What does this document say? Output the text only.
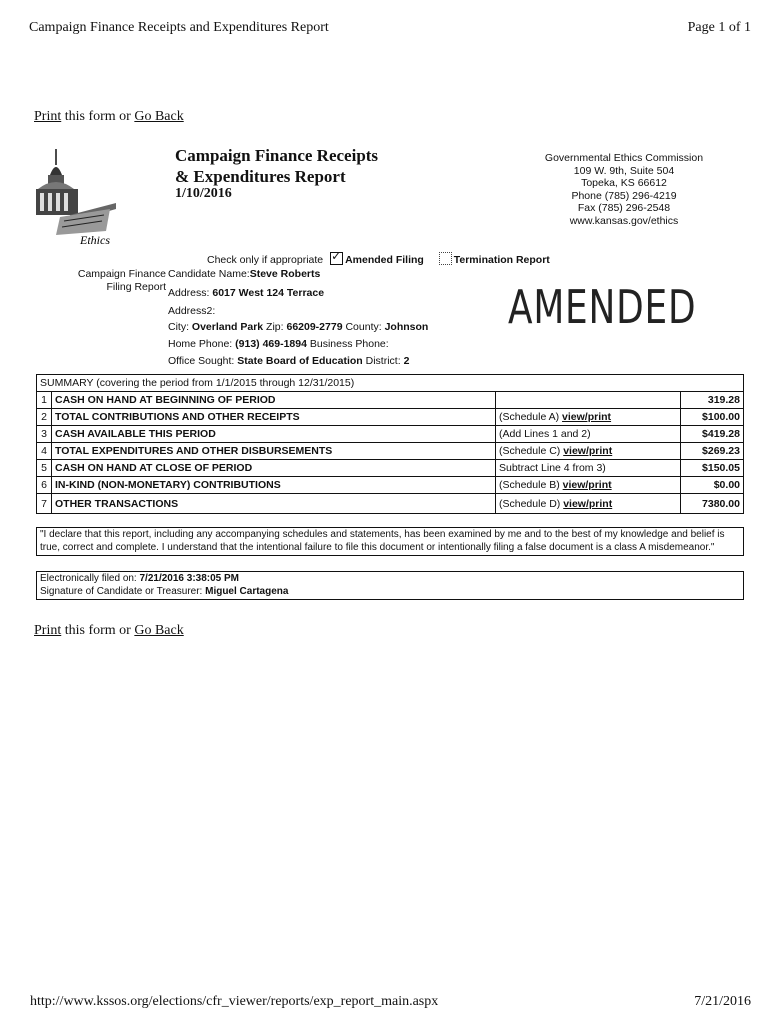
Campaign Finance Receipts and Expenditures Report	Page 1 of 1
Print this form or Go Back
Ethics
Campaign Finance Receipts
& Expenditures Report
1/10/2016
Governmental Ethics Commission
109 W. 9th, Suite 504
Topeka, KS 66612
Phone (785) 296-4219
Fax (785) 296-2548
www.kansas.gov/ethics
Check only if appropriate ✓ Amended Filing	Termination Report
Campaign Finance Filing Report
Candidate Name:Steve Roberts
Address: 6017 West 124 Terrace
Address2:
City: Overland Park Zip: 66209-2779 County: Johnson
Home Phone: (913) 469-1894 Business Phone:
Office Sought: State Board of Education District: 2
AMENDED
SUMMARY (covering the period from 1/1/2015 through 12/31/2015)			
1	CASH ON HAND AT BEGINNING OF PERIOD		319.28
2	TOTAL CONTRIBUTIONS AND OTHER RECEIPTS	(Schedule A) view/print	$100.00
3	CASH AVAILABLE THIS PERIOD	(Add Lines 1 and 2)	$419.28
4	TOTAL EXPENDITURES AND OTHER DISBURSEMENTS	(Schedule C) view/print	$269.23
5	CASH ON HAND AT CLOSE OF PERIOD	Subtract Line 4 from 3)	$150.05
6	IN-KIND (NON-MONETARY) CONTRIBUTIONS	(Schedule B) view/print	$0.00
7	OTHER TRANSACTIONS	(Schedule D) view/print	7380.00
"I declare that this report, including any accompanying schedules and statements, has been examined by me and to the best of my knowledge and belief is true, correct and complete. I understand that the intentional failure to file this document or intentionally filing a false document is a class A misdemeanor."
Electronically filed on: 7/21/2016 3:38:05 PM
Signature of Candidate or Treasurer: Miguel Cartagena
Print this form or Go Back
http://www.kssos.org/elections/cfr_viewer/reports/exp_report_main.aspx	7/21/2016
